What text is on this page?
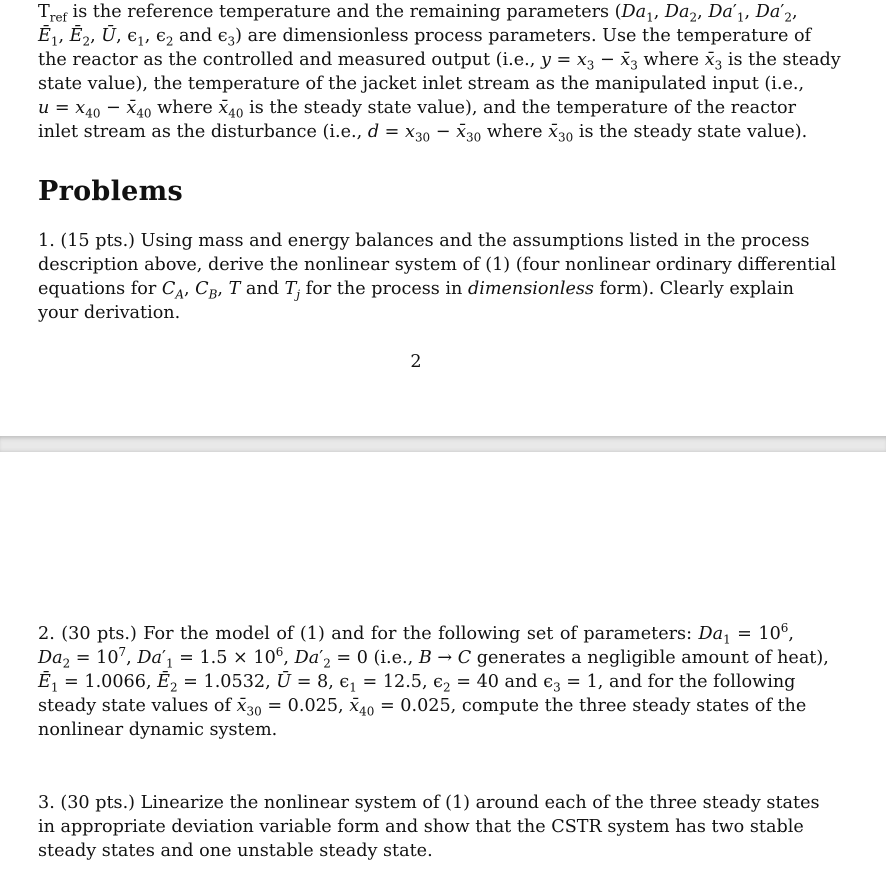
$T_{ref}$ is the reference temperature and the remaining parameters ($Da_1$, $Da_2$, $Da'_1$, $Da'_2$,
$Ē_1$, $Ē_2$, Ū, $\epsilon_1$, $\epsilon_2$ and $\epsilon_3$) are dimensionless process parameters. Use the temperature of
the reactor as the controlled and measured output (i.e., $y = x_3$ − $x̄_3$ where $x̄_3$ is the steady
state value), the temperature of the jacket inlet stream as the manipulated input (i.e.,
$u = x_{40}$ − $x̄_{40}$ where $x̄_{40}$ is the steady state value), and the temperature of the reactor
inlet stream as the disturbance (i.e., $d = x_{30}$ − $x̄_{30}$ where $x̄_{30}$ is the steady state value).
Problems
1. (15 pts.) Using mass and energy balances and the assumptions listed in the process
description above, derive the nonlinear system of (1) (four nonlinear ordinary differential
equations for $C_A$, $C_B$, T and $T_j$ for the process in dimensionless form). Clearly explain
your derivation.
2
2. (30 pts.) For the model of (1) and for the following set of parameters: $Da_1 = 10^6$,
$Da_2 = 10^7$, $Da'_1 = 1.5 \times 10^6$, $Da'_2 = 0$ (i.e., B → C generates a negligible amount of heat),
$Ē_1 = 1.0066$, $Ē_2 = 1.0532$, Ū = 8, $\epsilon_1 = 12.5$, $\epsilon_2 = 40$ and $\epsilon_3 = 1$, and for the following
steady state values of $x̄_{30} = 0.025$, $x̄_{40} = 0.025$, compute the three steady states of the
nonlinear dynamic system.
3. (30 pts.) Linearize the nonlinear system of (1) around each of the three steady states
in appropriate deviation variable form and show that the CSTR system has two stable
steady states and one unstable steady state.
